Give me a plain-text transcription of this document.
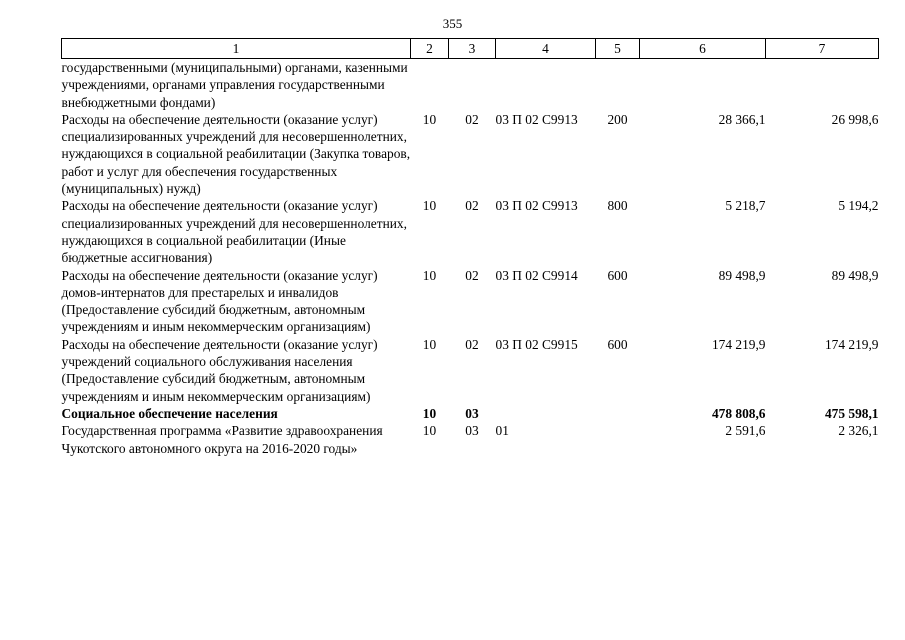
355
1	2	3	4	5	6	7
государственными (муниципальными) органами, казенными учреждениями, органами управления государственными внебюджетными фондами)						
Расходы на обеспечение деятельности (оказание услуг) специализированных учреждений для несовершеннолетних, нуждающихся в социальной реабилитации (Закупка товаров, работ и услуг для обеспечения государственных (муниципальных) нужд)	10	02	03 П 02 С9913	200	28 366,1	26 998,6
Расходы на обеспечение деятельности (оказание услуг) специализированных учреждений для несовершеннолетних, нуждающихся в социальной реабилитации (Иные бюджетные ассигнования)	10	02	03 П 02 С9913	800	5 218,7	5 194,2
Расходы на обеспечение деятельности (оказание услуг) домов-интернатов для престарелых и инвалидов (Предоставление субсидий бюджетным, автономным учреждениям и иным некоммерческим организациям)	10	02	03 П 02 С9914	600	89 498,9	89 498,9
Расходы на обеспечение деятельности (оказание услуг) учреждений социального обслуживания населения (Предоставление субсидий бюджетным, автономным учреждениям и иным некоммерческим организациям)	10	02	03 П 02 С9915	600	174 219,9	174 219,9
Социальное обеспечение населения	10	03			478 808,6	475 598,1
Государственная программа «Развитие здравоохранения Чукотского автономного округа на 2016-2020 годы»	10	03	01		2 591,6	2 326,1
